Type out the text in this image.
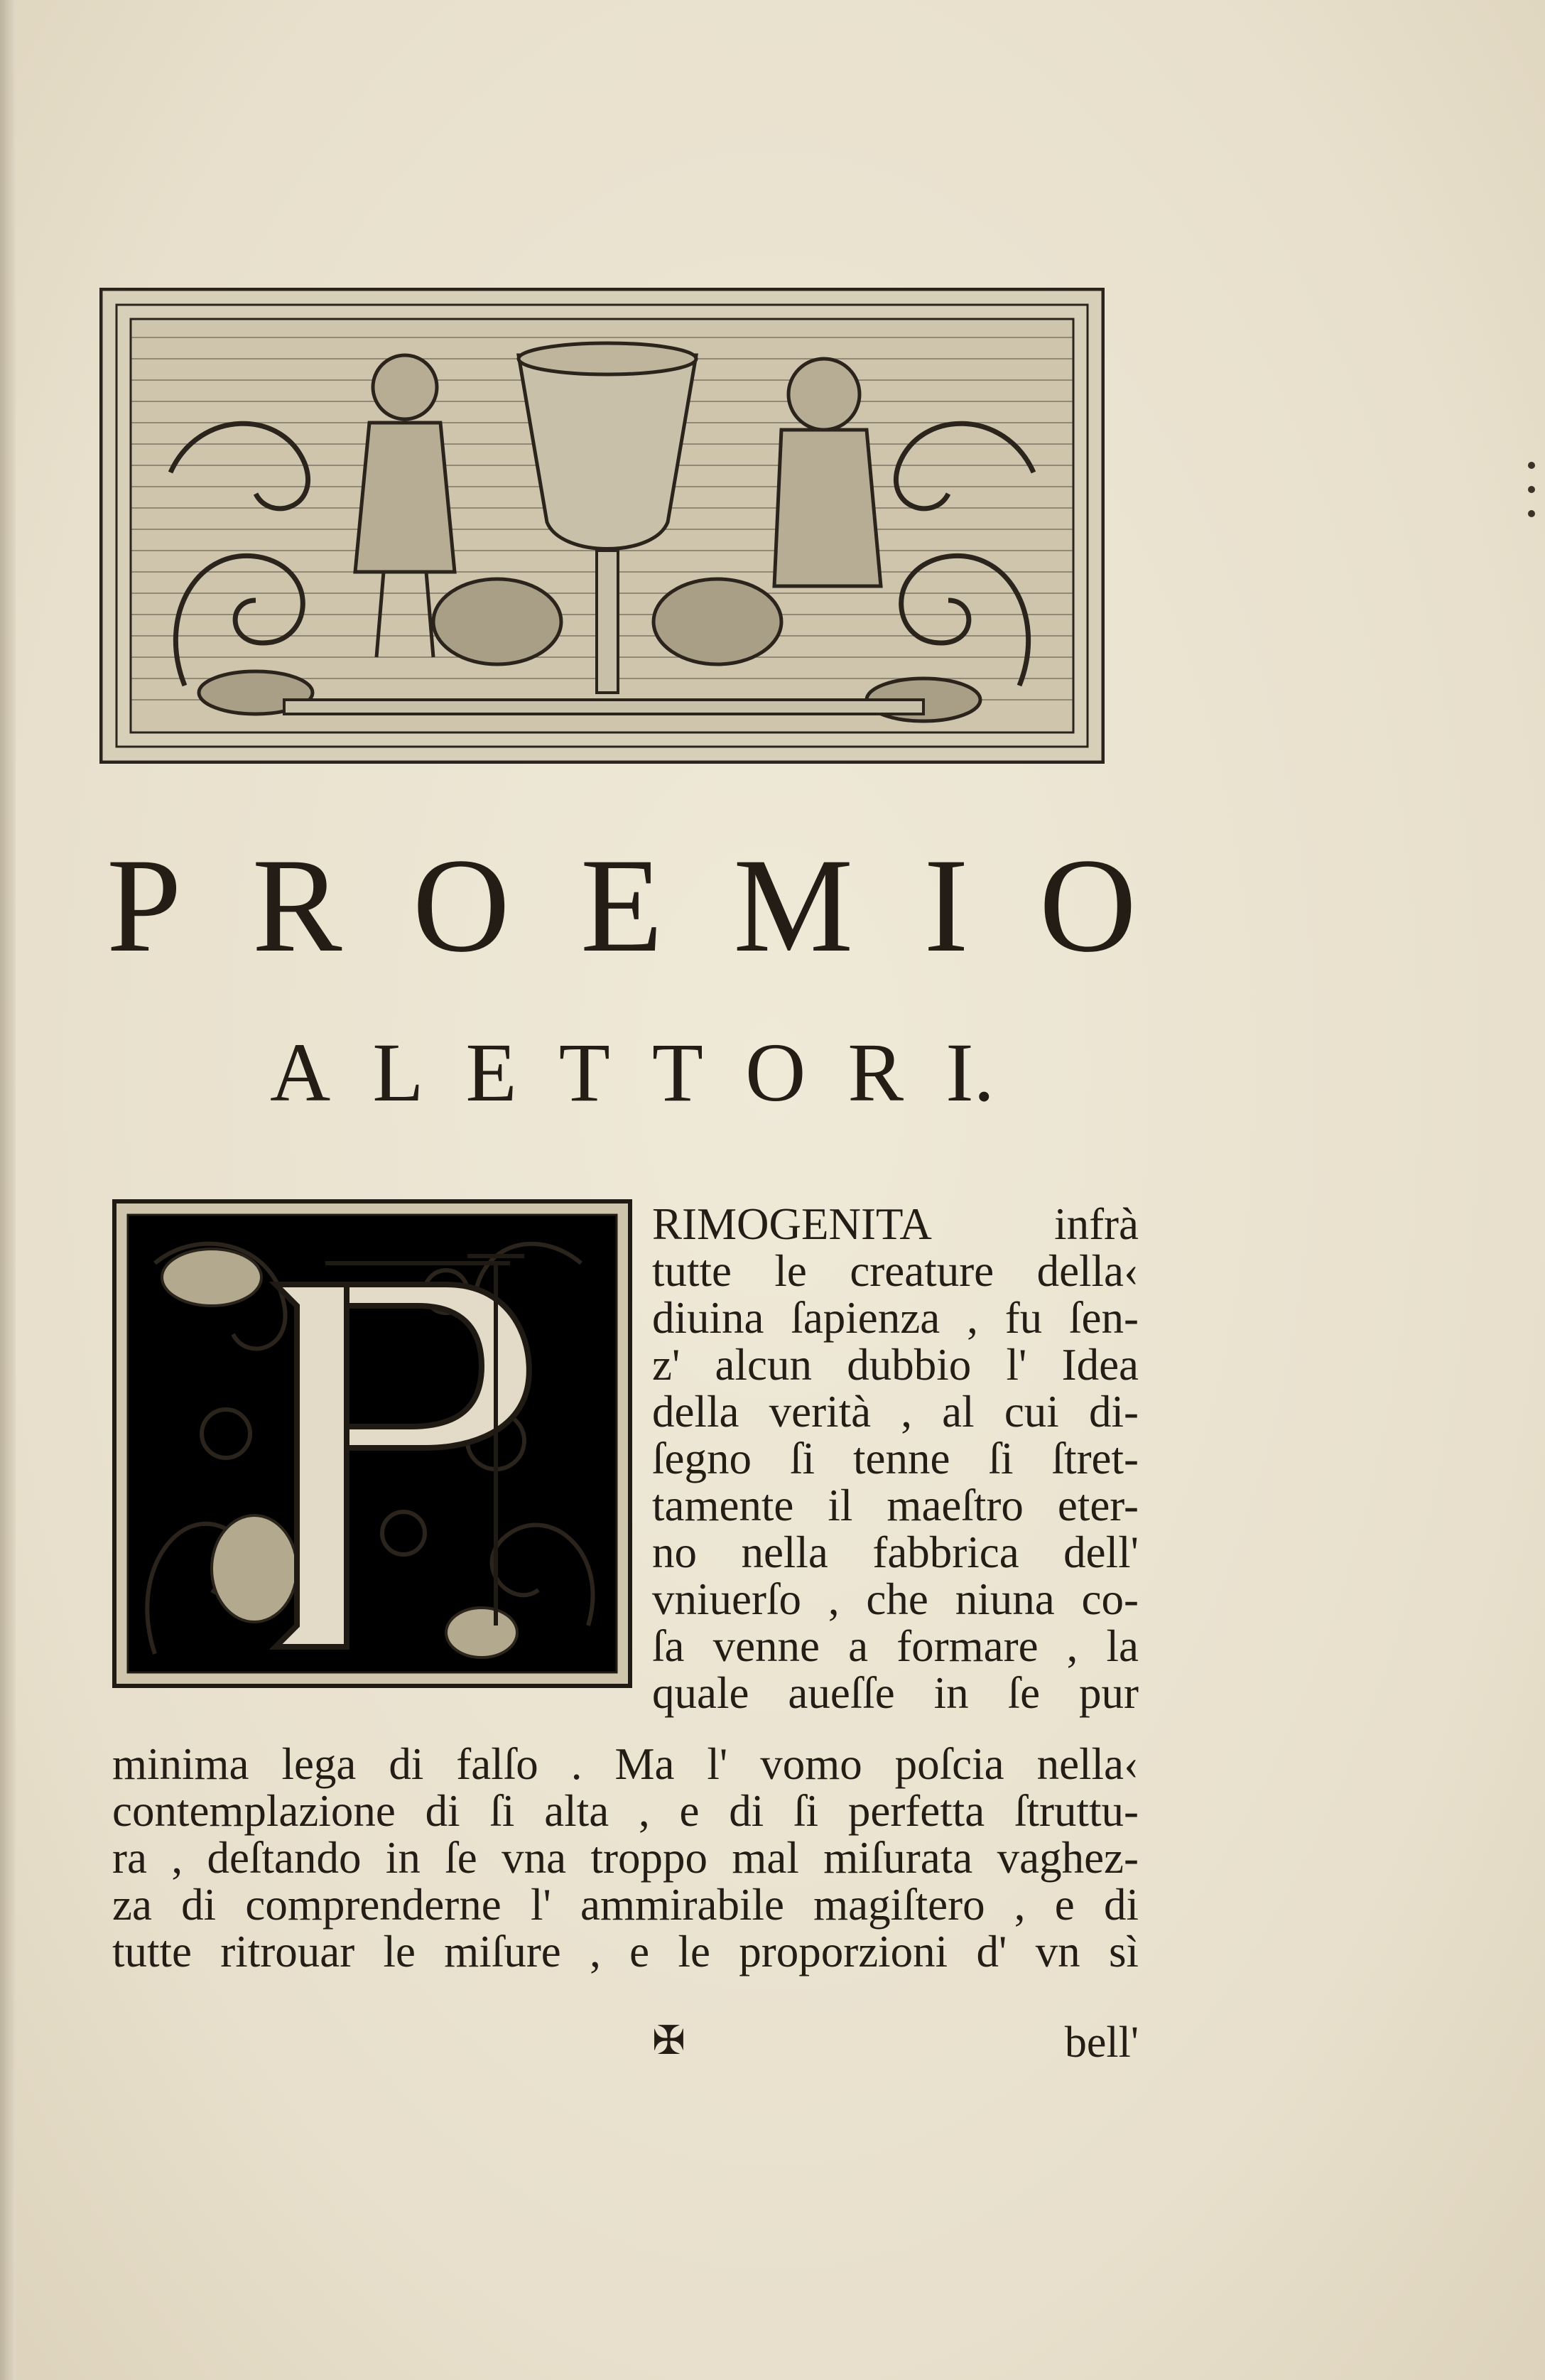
P R O E M I O
A L E T T O R I.
RIMOGENITA infrà
tutte le creature della‹
diuina ſapienza , fu ſen-
z' alcun dubbio l' Idea
della verità , al cui di-
ſegno ſi tenne ſi ſtret-
tamente il maeſtro eter-
no nella fabbrica dell'
vniuerſo , che niuna co-
ſa venne a formare , la
quale aueſſe in ſe pur
minima lega di falſo . Ma l' vomo poſcia nella‹
contemplazione di ſi alta , e di ſi perfetta ſtruttu-
ra , deſtando in ſe vna troppo mal miſurata vaghez-
za di comprenderne l' ammirabile magiſtero , e di
tutte ritrouar le miſure , e le proporzioni d' vn sì
✠	bell'
